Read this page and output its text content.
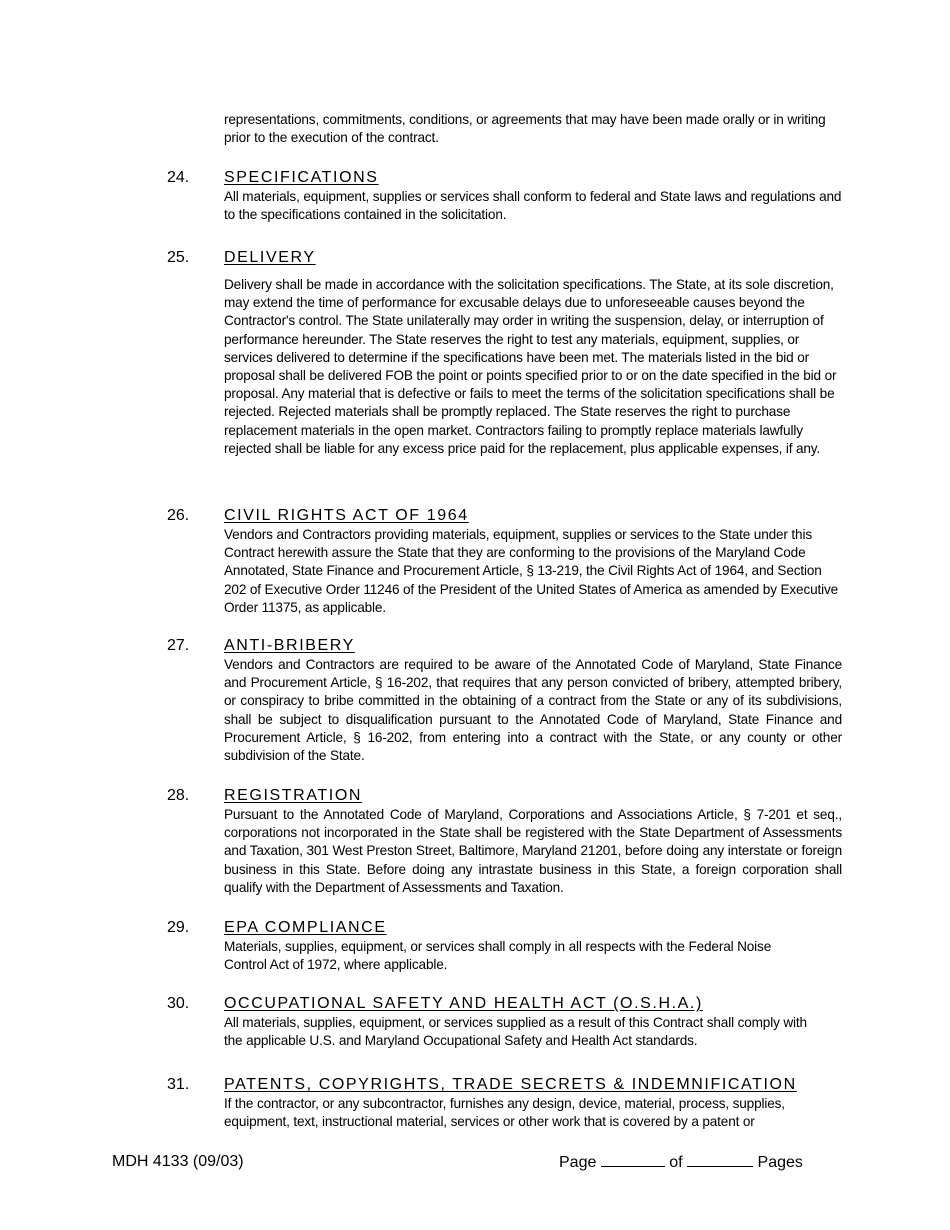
representations, commitments, conditions, or agreements that may have been made orally or in writing prior to the execution of the contract.

24. SPECIFICATIONS

All materials, equipment, supplies or services shall conform to federal and State laws and regulations and to the specifications contained in the solicitation.

25. DELIVERY

Delivery shall be made in accordance with the solicitation specifications. The State, at its sole discretion, may extend the time of performance for excusable delays due to unforeseeable causes beyond the Contractor's control. The State unilaterally may order in writing the suspension, delay, or interruption of performance hereunder. The State reserves the right to test any materials, equipment, supplies, or services delivered to determine if the specifications have been met. The materials listed in the bid or proposal shall be delivered FOB the point or points specified prior to or on the date specified in the bid or proposal. Any material that is defective or fails to meet the terms of the solicitation specifications shall be rejected. Rejected materials shall be promptly replaced. The State reserves the right to purchase replacement materials in the open market. Contractors failing to promptly replace materials lawfully rejected shall be liable for any excess price paid for the replacement, plus applicable expenses, if any.

26. CIVIL RIGHTS ACT OF 1964

Vendors and Contractors providing materials, equipment, supplies or services to the State under this Contract herewith assure the State that they are conforming to the provisions of the Maryland Code Annotated, State Finance and Procurement Article, § 13-219, the Civil Rights Act of 1964, and Section 202 of Executive Order 11246 of the President of the United States of America as amended by Executive Order 11375, as applicable.

27. ANTI-BRIBERY

Vendors and Contractors are required to be aware of the Annotated Code of Maryland, State Finance and Procurement Article, § 16-202, that requires that any person convicted of bribery, attempted bribery, or conspiracy to bribe committed in the obtaining of a contract from the State or any of its subdivisions, shall be subject to disqualification pursuant to the Annotated Code of Maryland, State Finance and Procurement Article, § 16-202, from entering into a contract with the State, or any county or other subdivision of the State.

28. REGISTRATION

Pursuant to the Annotated Code of Maryland, Corporations and Associations Article, § 7-201 et seq., corporations not incorporated in the State shall be registered with the State Department of Assessments and Taxation, 301 West Preston Street, Baltimore, Maryland 21201, before doing any interstate or foreign business in this State. Before doing any intrastate business in this State, a foreign corporation shall qualify with the Department of Assessments and Taxation.

29. EPA COMPLIANCE

Materials, supplies, equipment, or services shall comply in all respects with the Federal Noise Control Act of 1972, where applicable.

30. OCCUPATIONAL SAFETY AND HEALTH ACT (O.S.H.A.)

All materials, supplies, equipment, or services supplied as a result of this Contract shall comply with the applicable U.S. and Maryland Occupational Safety and Health Act standards.

31. PATENTS, COPYRIGHTS, TRADE SECRETS & INDEMNIFICATION

If the contractor, or any subcontractor, furnishes any design, device, material, process, supplies, equipment, text, instructional material, services or other work that is covered by a patent or

MDH 4133 (09/03)	Page	of	Pages
